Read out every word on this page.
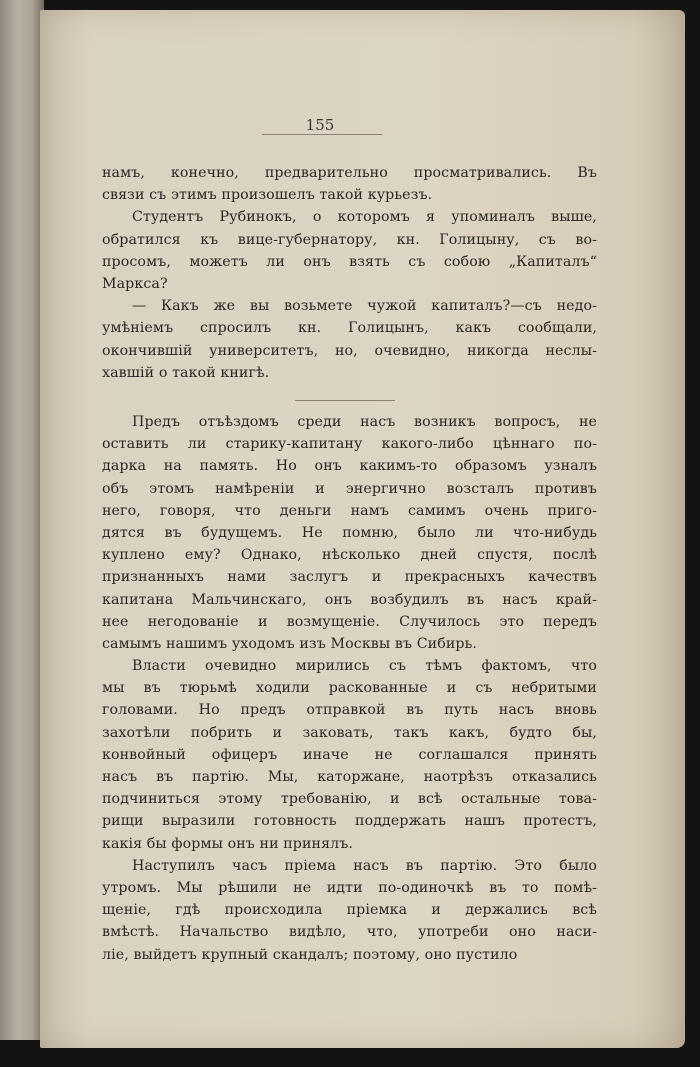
155
намъ, конечно, предварительно просматривались. Въ
связи съ этимъ произошелъ такой курьезъ.
Студентъ Рубинокъ, о которомъ я упоминалъ выше,
обратился къ вице-губернатору, кн. Голицыну, съ во-
просомъ, можетъ ли онъ взять съ собою „Капиталъ“
Маркса?
— Какъ же вы возьмете чужой капиталъ?—съ недо-
умѣніемъ спросилъ кн. Голицынъ, какъ сообщали,
окончившій университетъ, но, очевидно, никогда неслы-
хавшій о такой книгѣ.
Предъ отъѣздомъ среди насъ возникъ вопросъ, не
оставить ли старику-капитану какого-либо цѣннаго по-
дарка на память. Но онъ какимъ-то образомъ узналъ
объ этомъ намѣреніи и энергично возсталъ противъ
него, говоря, что деньги намъ самимъ очень приго-
дятся въ будущемъ. Не помню, было ли что-нибудь
куплено ему? Однако, нѣсколько дней спустя, послѣ
признанныхъ нами заслугъ и прекрасныхъ качествъ
капитана Мальчинскаго, онъ возбудилъ въ насъ край-
нее негодованіе и возмущеніе. Случилось это передъ
самымъ нашимъ уходомъ изъ Москвы въ Сибирь.
Власти очевидно мирились съ тѣмъ фактомъ, что
мы въ тюрьмѣ ходили раскованные и съ небритыми
головами. Но предъ отправкой въ путь насъ вновь
захотѣли побрить и заковать, такъ какъ, будто бы,
конвойный офицеръ иначе не соглашался принять
насъ въ партію. Мы, каторжане, наотрѣзъ отказались
подчиниться этому требованію, и всѣ остальные това-
рищи выразили готовность поддержать нашъ протестъ,
какія бы формы онъ ни принялъ.
Наступилъ часъ пріема насъ въ партію. Это было
утромъ. Мы рѣшили не идти по-одиночкѣ въ то помѣ-
щеніе, гдѣ происходила пріемка и держались всѣ
вмѣстѣ. Начальство видѣло, что, употреби оно наси-
ліе, выйдетъ крупный скандалъ; поэтому, оно пустило
